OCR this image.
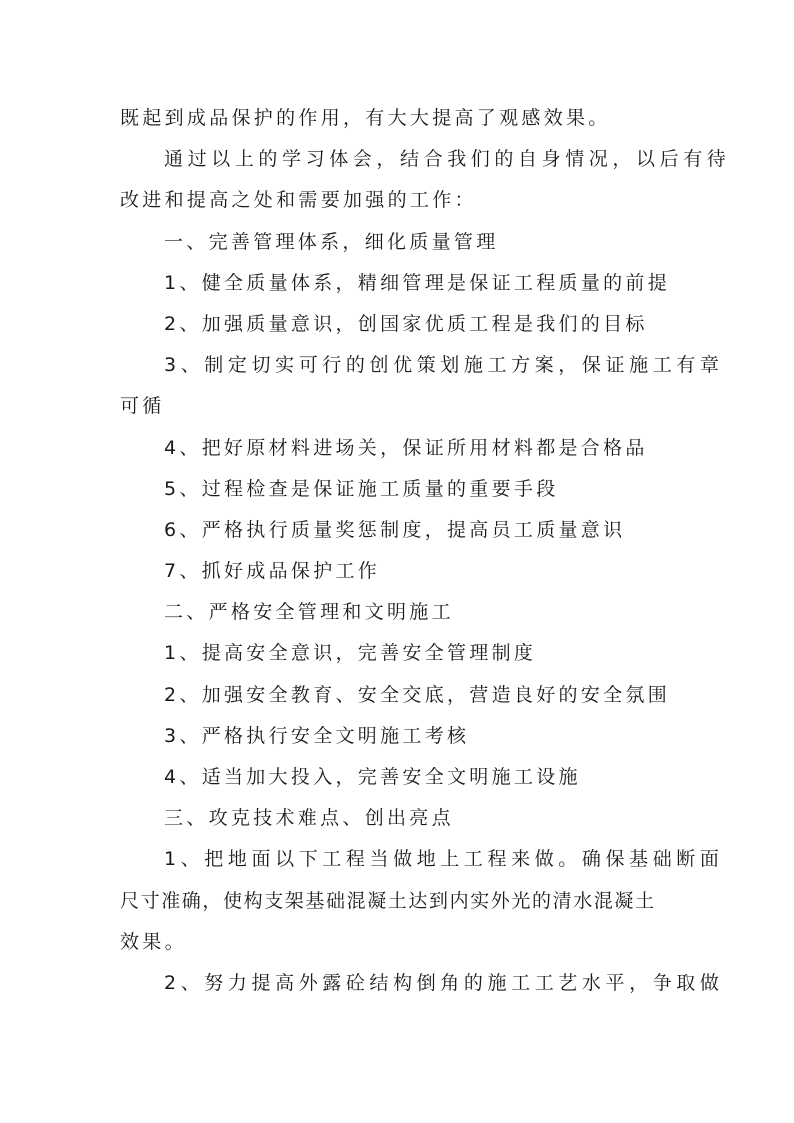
既起到成品保护的作用，有大大提高了观感效果。
通过以上的学习体会，结合我们的自身情况，以后有待
改进和提高之处和需要加强的工作：
一、完善管理体系，细化质量管理
1、健全质量体系，精细管理是保证工程质量的前提
2、加强质量意识，创国家优质工程是我们的目标
3、制定切实可行的创优策划施工方案，保证施工有章
可循
4、把好原材料进场关，保证所用材料都是合格品
5、过程检查是保证施工质量的重要手段
6、严格执行质量奖惩制度，提高员工质量意识
7、抓好成品保护工作
二、严格安全管理和文明施工
1、提高安全意识，完善安全管理制度
2、加强安全教育、安全交底，营造良好的安全氛围
3、严格执行安全文明施工考核
4、适当加大投入，完善安全文明施工设施
三、攻克技术难点、创出亮点
1、把地面以下工程当做地上工程来做。确保基础断面
尺寸准确，使构支架基础混凝土达到内实外光的清水混凝土
效果。
2、努力提高外露砼结构倒角的施工工艺水平，争取做
